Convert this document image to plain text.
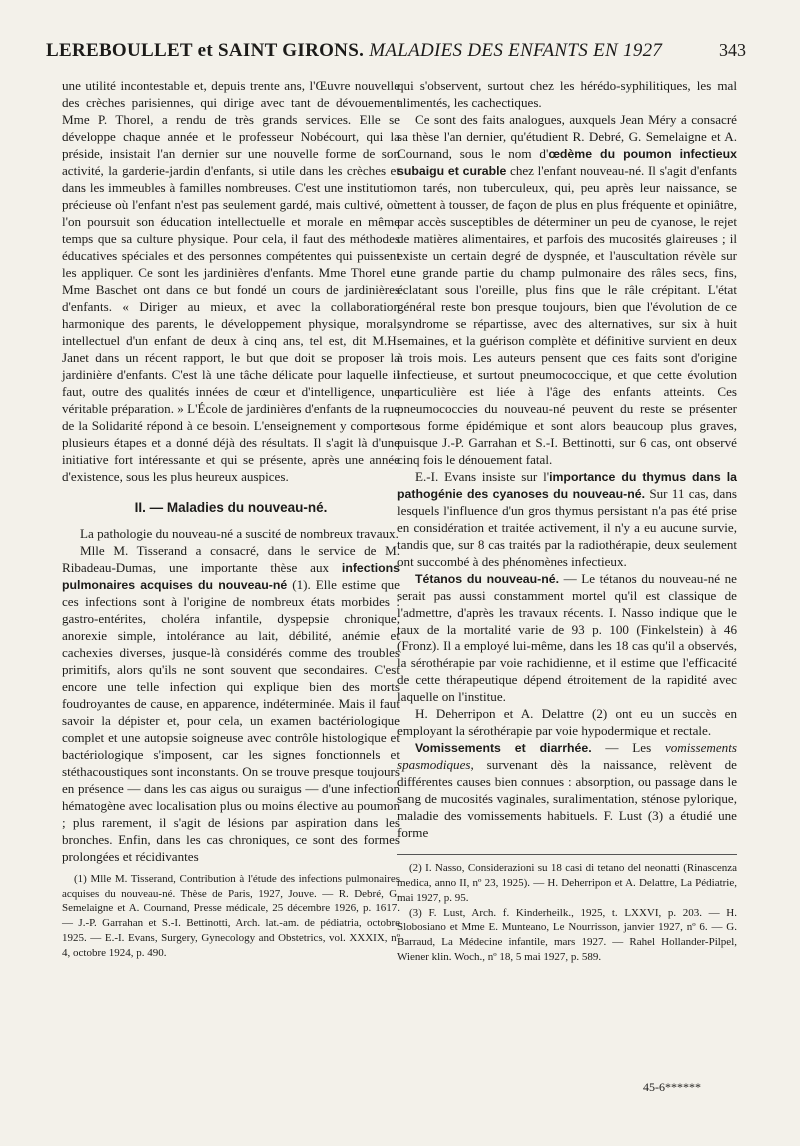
LEREBOULLET et SAINT GIRONS. MALADIES DES ENFANTS EN 1927	343

une utilité incontestable et, depuis trente ans, l'Œuvre nouvelle des crèches parisiennes, qui dirige avec tant de dévouement Mme P. Thorel, a rendu de très grands services. Elle se développe chaque année et le professeur Nobécourt, qui la préside, insistait l'an dernier sur une nouvelle forme de son activité, la garderie-jardin d'enfants, si utile dans les crèches et dans les immeubles à familles nombreuses. C'est une institution précieuse où l'enfant n'est pas seulement gardé, mais cultivé, où l'on poursuit son éducation intellectuelle et morale en même temps que sa culture physique. Pour cela, il faut des méthodes éducatives spéciales et des personnes compétentes qui puissent les appliquer. Ce sont les jardinières d'enfants. Mme Thorel et Mme Baschet ont dans ce but fondé un cours de jardinières d'enfants. « Diriger au mieux, et avec la collaboration harmonique des parents, le développement physique, moral, intellectuel d'un enfant de deux à cinq ans, tel est, dit M.H. Janet dans un récent rapport, le but que doit se proposer la jardinière d'enfants. C'est là une tâche délicate pour laquelle il faut, outre des qualités innées de cœur et d'intelligence, une véritable préparation. » L'École de jardinières d'enfants de la rue de la Solidarité répond à ce besoin. L'enseignement y comporte plusieurs étapes et a donné déjà des résultats. Il s'agit là d'une initiative fort intéressante et qui se présente, après une année d'existence, sous les plus heureux auspices.

II. — Maladies du nouveau-né.

La pathologie du nouveau-né a suscité de nombreux travaux.

Mlle M. Tisserand a consacré, dans le service de M. Ribadeau-Dumas, une importante thèse aux infections pulmonaires acquises du nouveau-né (1). Elle estime que ces infections sont à l'origine de nombreux états morbides : gastro-entérites, choléra infantile, dyspepsie chronique, anorexie simple, intolérance au lait, débilité, anémie et cachexies diverses, jusque-là considérés comme des troubles primitifs, alors qu'ils ne sont souvent que secondaires. C'est encore une telle infection qui explique bien des morts foudroyantes de cause, en apparence, indéterminée. Mais il faut savoir la dépister et, pour cela, un examen bactériologique complet et une autopsie soigneuse avec contrôle histologique et bactériologique s'imposent, car les signes fonctionnels et stéthacoustiques sont inconstants. On se trouve presque toujours en présence — dans les cas aigus ou suraigus — d'une infection hématogène avec localisation plus ou moins élective au poumon ; plus rarement, il s'agit de lésions par aspiration dans les bronches. Enfin, dans les cas chroniques, ce sont des formes prolongées et récidivantes

(1) Mlle M. Tisserand, Contribution à l'étude des infections pulmonaires acquises du nouveau-né. Thèse de Paris, 1927, Jouve. — R. Debré, G. Semelaigne et A. Cournand, Presse médicale, 25 décembre 1926, p. 1617. — J.-P. Garrahan et S.-I. Bettinotti, Arch. lat.-am. de pédiatria, octobre 1925. — E.-I. Evans, Surgery, Gynecology and Obstetrics, vol. XXXIX, nº 4, octobre 1924, p. 490.

qui s'observent, surtout chez les hérédo-syphilitiques, les mal alimentés, les cachectiques.

Ce sont des faits analogues, auxquels Jean Méry a consacré sa thèse l'an dernier, qu'étudient R. Debré, G. Semelaigne et A. Cournand, sous le nom d'œdème du poumon infectieux subaigu et curable chez l'enfant nouveau-né. Il s'agit d'enfants non tarés, non tuberculeux, qui, peu après leur naissance, se mettent à tousser, de façon de plus en plus fréquente et opiniâtre, par accès susceptibles de déterminer un peu de cyanose, le rejet de matières alimentaires, et parfois des mucosités glaireuses ; il existe un certain degré de dyspnée, et l'auscultation révèle sur une grande partie du champ pulmonaire des râles secs, fins, éclatant sous l'oreille, plus fins que le râle crépitant. L'état général reste bon presque toujours, bien que l'évolution de ce syndrome se répartisse, avec des alternatives, sur six à huit semaines, et la guérison complète et définitive survient en deux à trois mois. Les auteurs pensent que ces faits sont d'origine infectieuse, et surtout pneumococcique, et que cette évolution particulière est liée à l'âge des enfants atteints. Ces pneumococcies du nouveau-né peuvent du reste se présenter sous forme épidémique et sont alors beaucoup plus graves, puisque J.-P. Garrahan et S.-I. Bettinotti, sur 6 cas, ont observé cinq fois le dénouement fatal.

E.-I. Evans insiste sur l'importance du thymus dans la pathogénie des cyanoses du nouveau-né. Sur 11 cas, dans lesquels l'influence d'un gros thymus persistant n'a pas été prise en considération et traitée activement, il n'y a eu aucune survie, tandis que, sur 8 cas traités par la radiothérapie, deux seulement ont succombé à des phénomènes infectieux.

Tétanos du nouveau-né. — Le tétanos du nouveau-né ne serait pas aussi constamment mortel qu'il est classique de l'admettre, d'après les travaux récents. I. Nasso indique que le taux de la mortalité varie de 93 p. 100 (Finkelstein) à 46 (Fronz). Il a employé lui-même, dans les 18 cas qu'il a observés, la sérothérapie par voie rachidienne, et il estime que l'efficacité de cette thérapeutique dépend étroitement de la rapidité avec laquelle on l'institue.

H. Deherripon et A. Delattre (2) ont eu un succès en employant la sérothérapie par voie hypodermique et rectale.

Vomissements et diarrhée. — Les vomissements spasmodiques, survenant dès la naissance, relèvent de différentes causes bien connues : absorption, ou passage dans le sang de mucosités vaginales, suralimentation, sténose pylorique, maladie des vomissements habituels. F. Lust (3) a étudié une forme

(2) I. Nasso, Considerazioni su 18 casi di tetano del neonatti (Rinascenza medica, anno II, nº 23, 1925). — H. Deherripon et A. Delattre, La Pédiatrie, mai 1927, p. 95.

(3) F. Lust, Arch. f. Kinderheilk., 1925, t. LXXVI, p. 203. — H. Slobosiano et Mme E. Munteano, Le Nourrisson, janvier 1927, nº 6. — G. Barraud, La Médecine infantile, mars 1927. — Rahel Hollander-Pilpel, Wiener klin. Woch., nº 18, 5 mai 1927, p. 589.

45-6******
